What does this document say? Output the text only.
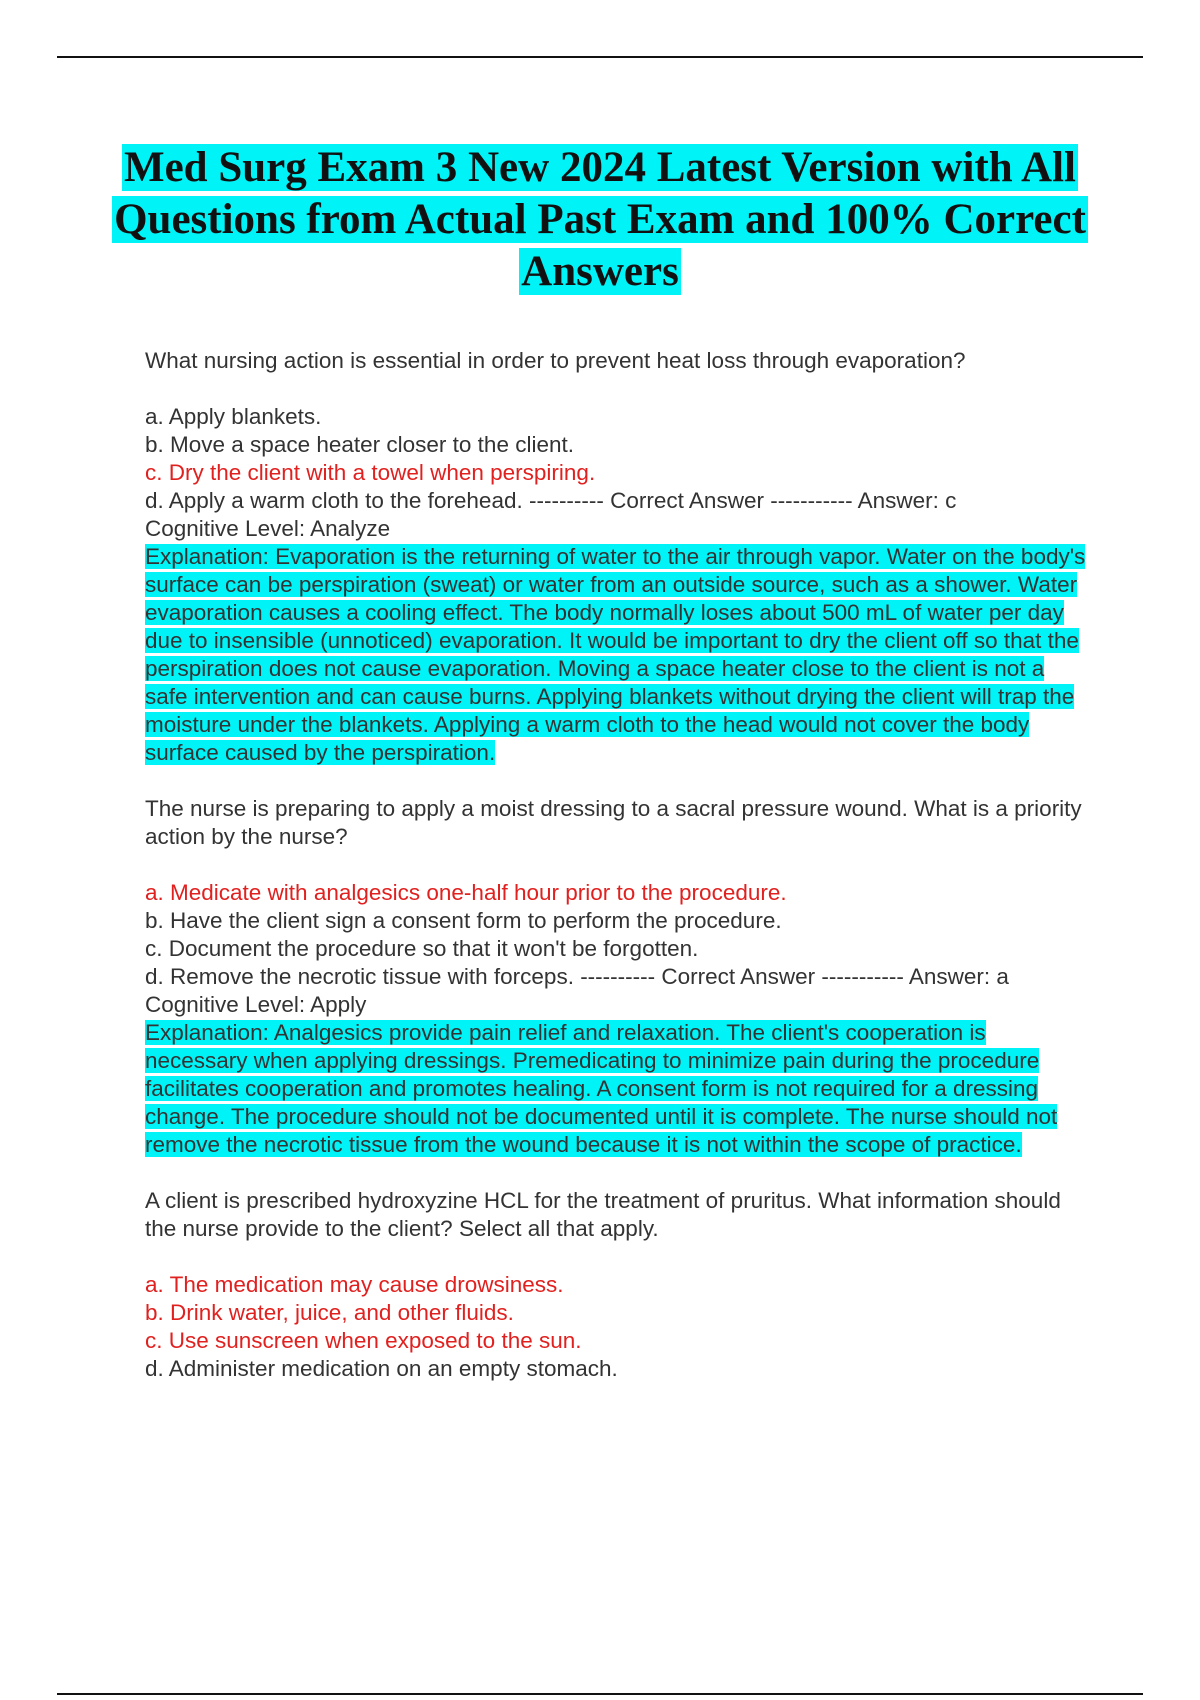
Med Surg Exam 3 New 2024 Latest Version with All Questions from Actual Past Exam and 100% Correct Answers
What nursing action is essential in order to prevent heat loss through evaporation?
a. Apply blankets.
b. Move a space heater closer to the client.
c. Dry the client with a towel when perspiring.
d. Apply a warm cloth to the forehead. ---------- Correct Answer ----------- Answer: c
Cognitive Level: Analyze
Explanation: Evaporation is the returning of water to the air through vapor. Water on the body's surface can be perspiration (sweat) or water from an outside source, such as a shower. Water evaporation causes a cooling effect. The body normally loses about 500 mL of water per day due to insensible (unnoticed) evaporation. It would be important to dry the client off so that the perspiration does not cause evaporation. Moving a space heater close to the client is not a safe intervention and can cause burns. Applying blankets without drying the client will trap the moisture under the blankets. Applying a warm cloth to the head would not cover the body surface caused by the perspiration.
The nurse is preparing to apply a moist dressing to a sacral pressure wound. What is a priority action by the nurse?
a. Medicate with analgesics one-half hour prior to the procedure.
b. Have the client sign a consent form to perform the procedure.
c. Document the procedure so that it won't be forgotten.
d. Remove the necrotic tissue with forceps. ---------- Correct Answer ----------- Answer: a
Cognitive Level: Apply
Explanation: Analgesics provide pain relief and relaxation. The client's cooperation is necessary when applying dressings. Premedicating to minimize pain during the procedure facilitates cooperation and promotes healing. A consent form is not required for a dressing change. The procedure should not be documented until it is complete. The nurse should not remove the necrotic tissue from the wound because it is not within the scope of practice.
A client is prescribed hydroxyzine HCL for the treatment of pruritus. What information should the nurse provide to the client? Select all that apply.
a. The medication may cause drowsiness.
b. Drink water, juice, and other fluids.
c. Use sunscreen when exposed to the sun.
d. Administer medication on an empty stomach.
